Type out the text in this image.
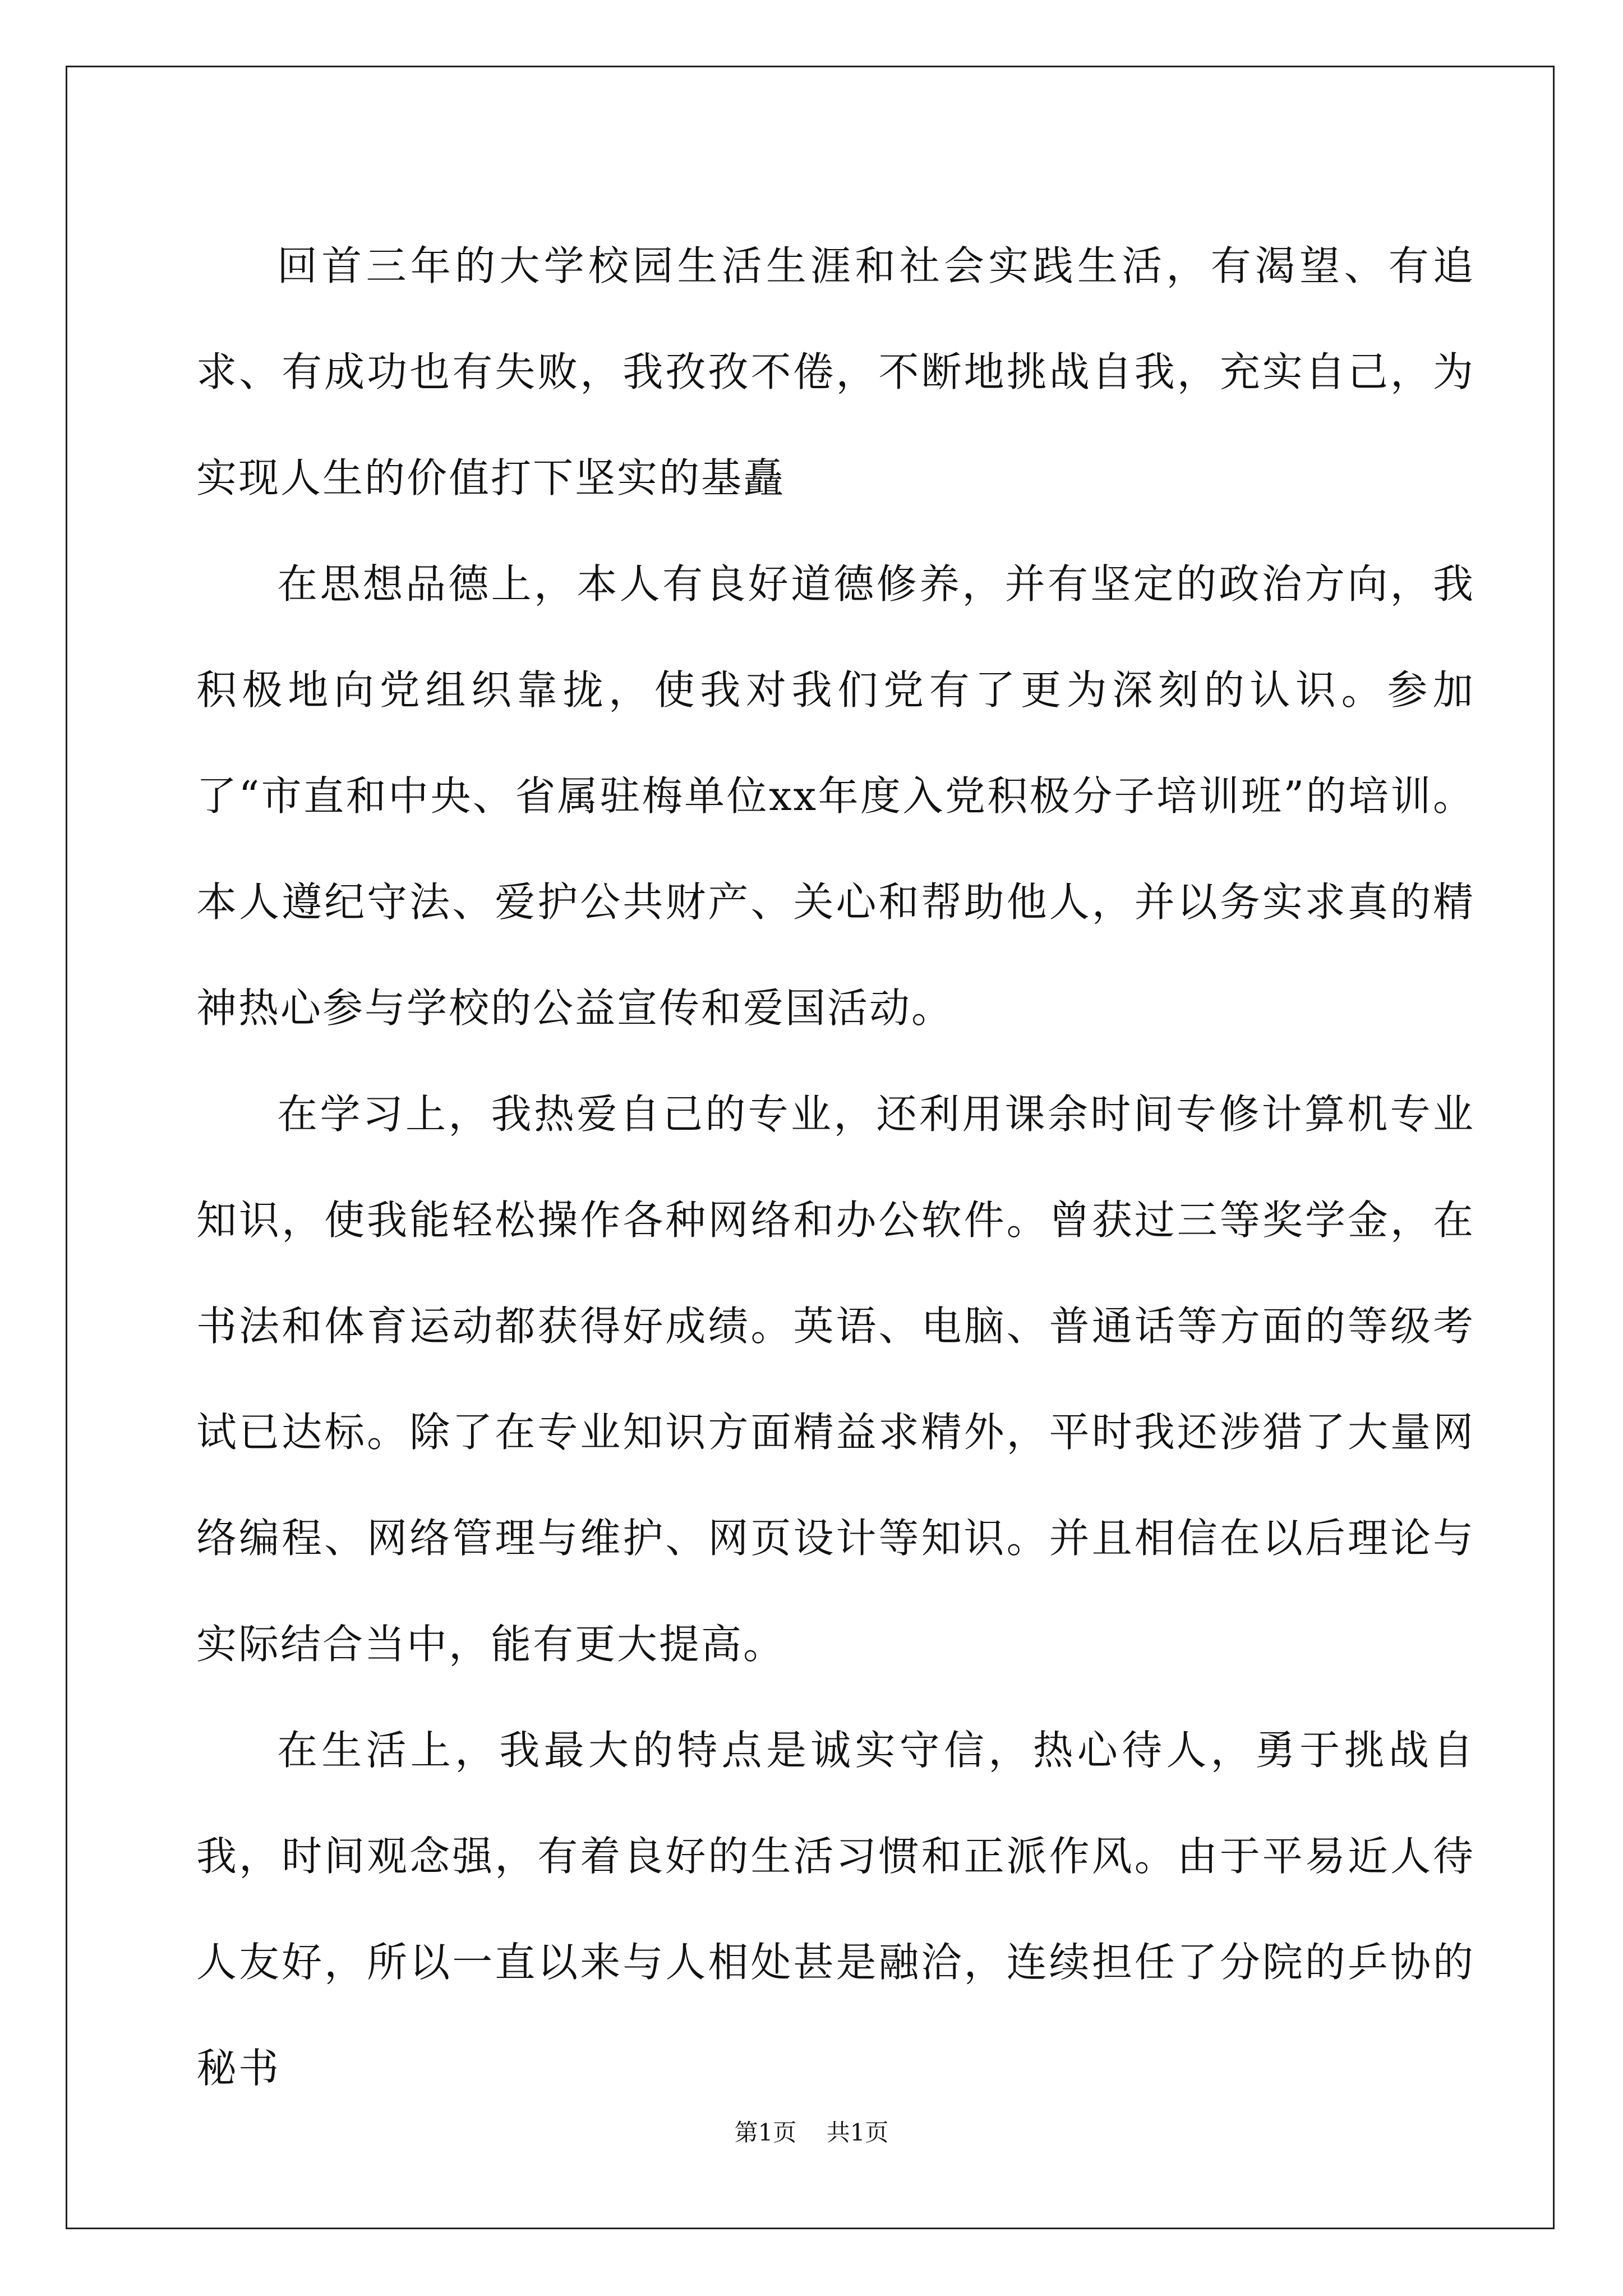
回首三年的大学校园生活生涯和社会实践生活，有渴望、有追求、有成功也有失败，我孜孜不倦，不断地挑战自我，充实自己，为实现人生的价值打下坚实的基矗

在思想品德上，本人有良好道德修养，并有坚定的政治方向，我积极地向党组织靠拢，使我对我们党有了更为深刻的认识。参加了“市直和中央、省属驻梅单位xx年度入党积极分子培训班”的培训。本人遵纪守法、爱护公共财产、关心和帮助他人，并以务实求真的精神热心参与学校的公益宣传和爱国活动。

在学习上，我热爱自己的专业，还利用课余时间专修计算机专业知识，使我能轻松操作各种网络和办公软件。曾获过三等奖学金，在书法和体育运动都获得好成绩。英语、电脑、普通话等方面的等级考试已达标。除了在专业知识方面精益求精外，平时我还涉猎了大量网络编程、网络管理与维护、网页设计等知识。并且相信在以后理论与实际结合当中，能有更大提高。

在生活上，我最大的特点是诚实守信，热心待人，勇于挑战自我，时间观念强，有着良好的生活习惯和正派作风。由于平易近人待人友好，所以一直以来与人相处甚是融洽，连续担任了分院的乒协的秘书

第1页 共1页
